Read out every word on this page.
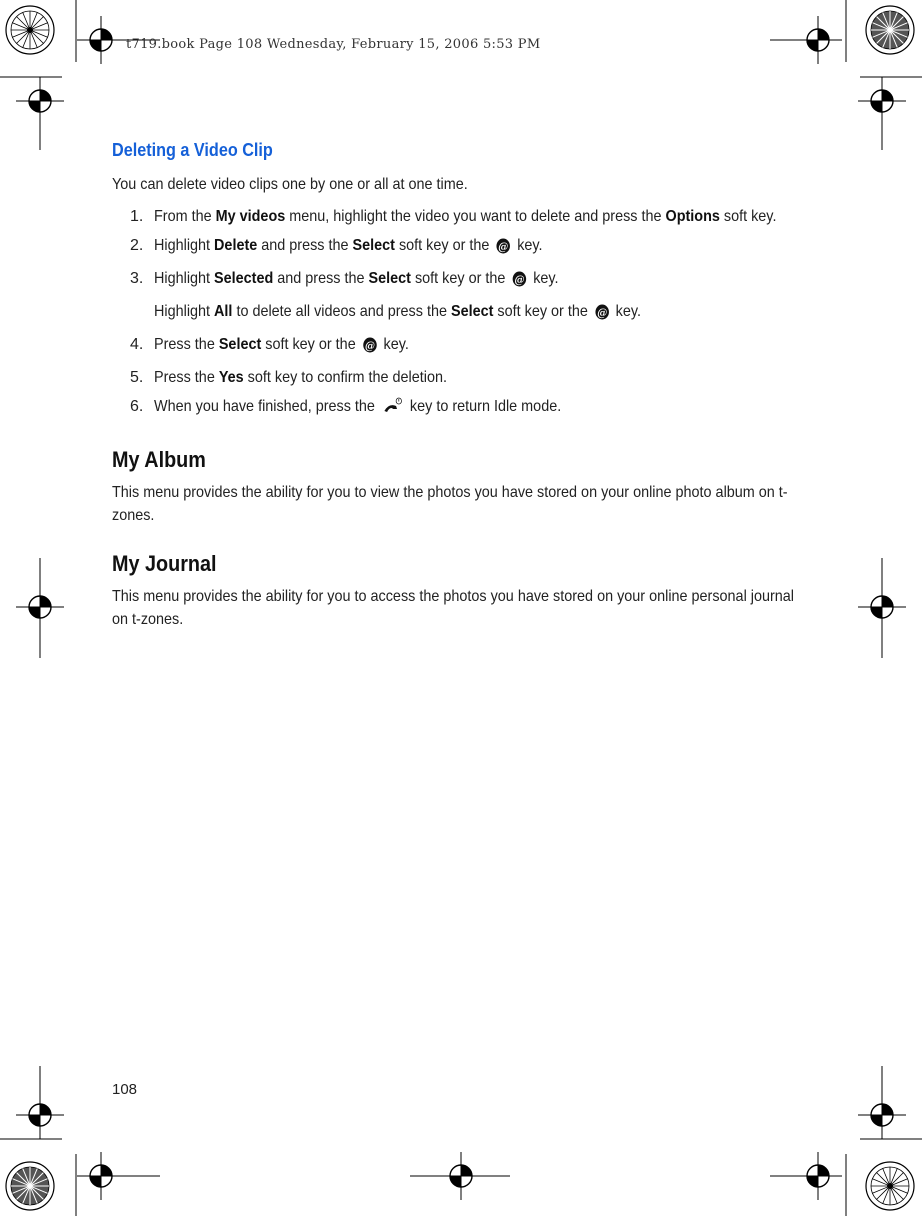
t719.book Page 108 Wednesday, February 15, 2006 5:53 PM
Deleting a Video Clip

You can delete video clips one by one or all at one time.

1. From the My videos menu, highlight the video you want to delete and press the Options soft key.
2. Highlight Delete and press the Select soft key or the @ key.
3. Highlight Selected and press the Select soft key or the @ key.
Highlight All to delete all videos and press the Select soft key or the @ key.
4. Press the Select soft key or the @ key.
5. Press the Yes soft key to confirm the deletion.
6. When you have finished, press the  key to return Idle mode.
My Album

This menu provides the ability for you to view the photos you have stored on your online photo album on t-zones.

My Journal

This menu provides the ability for you to access the photos you have stored on your online personal journal on t-zones.

108
